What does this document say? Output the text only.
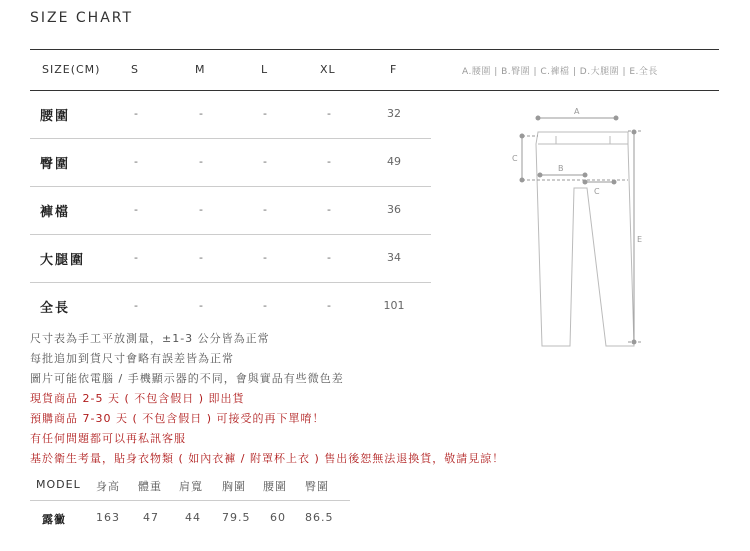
SIZE CHART
SIZE(CM)	S	M	L	XL	F	A.腰圍 | B.臀圍 | C.褲檔 | D.大腿圍 | E.全長
腰圍	-	-	-	-	32
臀圍	-	-	-	-	49
褲檔	-	-	-	-	36
大腿圍	-	-	-	-	34
全長	-	-	-	-	101
A
B
C
C
E
尺寸表為手工平放測量，±1-3 公分皆為正常
每批追加到貨尺寸會略有誤差皆為正常
圖片可能依電腦 / 手機顯示器的不同，會與實品有些微色差
現貨商品 2-5 天 ( 不包含假日 ) 即出貨
預購商品 7-30 天 ( 不包含假日 ) 可接受的再下單唷！
有任何問題都可以再私訊客服
基於衛生考量，貼身衣物類 ( 如內衣褲 / 附罩杯上衣 ) 售出後恕無法退換貨，敬請見諒！
MODEL 身高 體重 肩寬 胸圍 腰圍 臀圍
露黴	163 47 44 79.5 60 86.5
